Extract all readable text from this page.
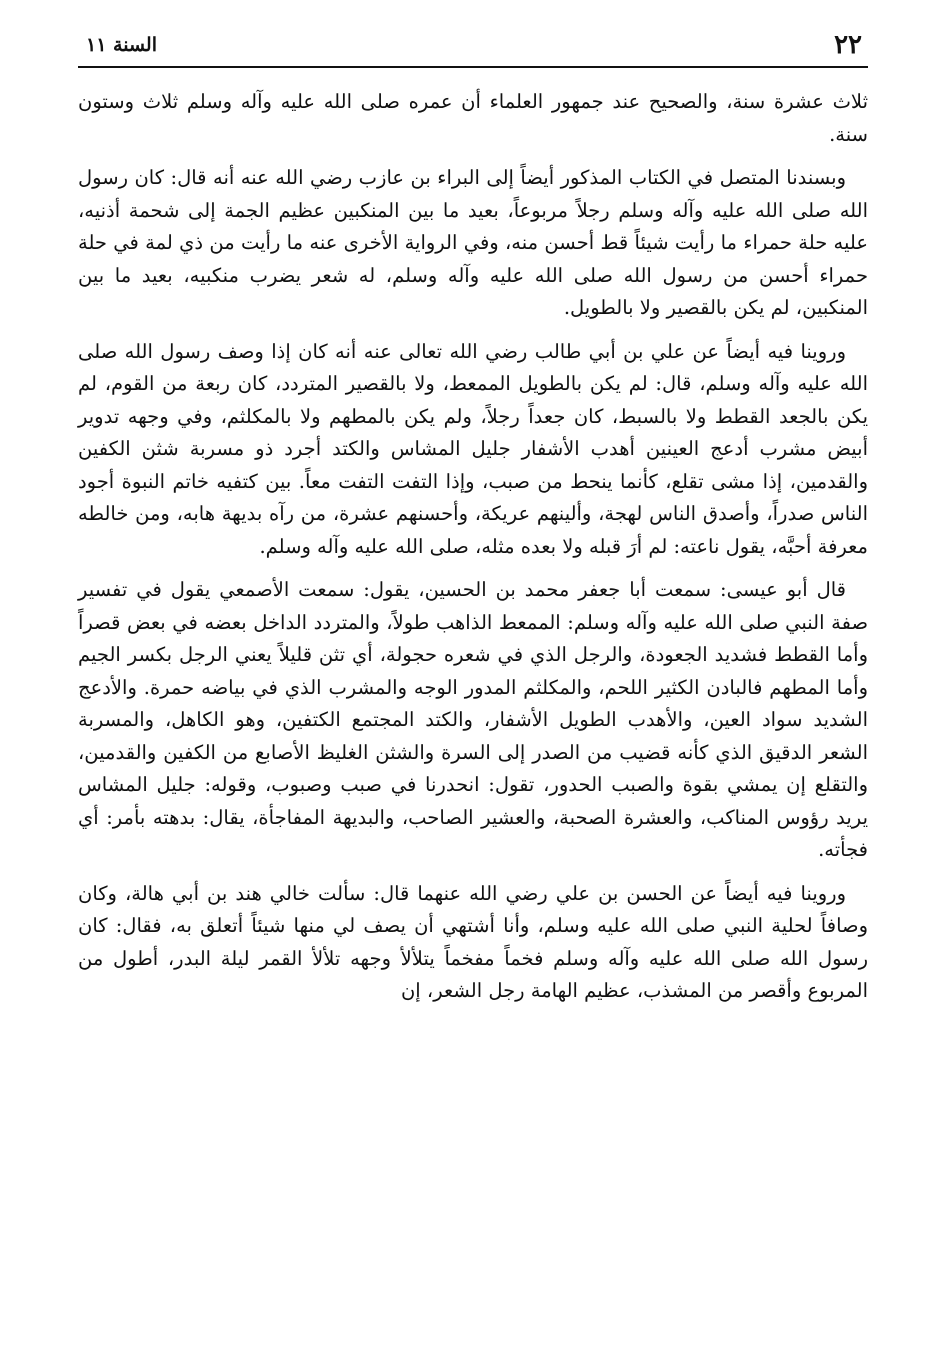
٢٢
السنة ١١

ثلاث عشرة سنة، والصحيح عند جمهور العلماء أن عمره صلى الله عليه وآله وسلم ثلاث وستون سنة.

وبسندنا المتصل في الكتاب المذكور أيضاً إلى البراء بن عازب رضي الله عنه أنه قال: كان رسول الله صلى الله عليه وآله وسلم رجلاً مربوعاً، بعيد ما بين المنكبين عظيم الجمة إلى شحمة أذنيه، عليه حلة حمراء ما رأيت شيئاً قط أحسن منه، وفي الرواية الأخرى عنه ما رأيت من ذي لمة في حلة حمراء أحسن من رسول الله صلى الله عليه وآله وسلم، له شعر يضرب منكبيه، بعيد ما بين المنكبين، لم يكن بالقصير ولا بالطويل.

وروينا فيه أيضاً عن علي بن أبي طالب رضي الله تعالى عنه أنه كان إذا وصف رسول الله صلى الله عليه وآله وسلم، قال: لم يكن بالطويل الممعط، ولا بالقصير المتردد، كان ربعة من القوم، لم يكن بالجعد القطط ولا بالسبط، كان جعداً رجلاً، ولم يكن بالمطهم ولا بالمكلثم، وفي وجهه تدوير أبيض مشرب أدعج العينين أهدب الأشفار جليل المشاس والكتد أجرد ذو مسربة شثن الكفين والقدمين، إذا مشى تقلع، كأنما ينحط من صبب، وإذا التفت التفت معاً. بين كتفيه خاتم النبوة أجود الناس صدراً، وأصدق الناس لهجة، وألينهم عريكة، وأحسنهم عشرة، من رآه بديهة هابه، ومن خالطه معرفة أحبَّه، يقول ناعته: لم أرَ قبله ولا بعده مثله، صلى الله عليه وآله وسلم.

قال أبو عيسى: سمعت أبا جعفر محمد بن الحسين، يقول: سمعت الأصمعي يقول في تفسير صفة النبي صلى الله عليه وآله وسلم: الممعط الذاهب طولاً، والمتردد الداخل بعضه في بعض قصراً وأما القطط فشديد الجعودة، والرجل الذي في شعره حجولة، أي تثن قليلاً يعني الرجل بكسر الجيم وأما المطهم فالبادن الكثير اللحم، والمكلثم المدور الوجه والمشرب الذي في بياضه حمرة. والأدعج الشديد سواد العين، والأهدب الطويل الأشفار، والكتد المجتمع الكتفين، وهو الكاهل، والمسربة الشعر الدقيق الذي كأنه قضيب من الصدر إلى السرة والشثن الغليظ الأصابع من الكفين والقدمين، والتقلع إن يمشي بقوة والصبب الحدور، تقول: انحدرنا في صبب وصبوب، وقوله: جليل المشاس يريد رؤوس المناكب، والعشرة الصحبة، والعشير الصاحب، والبديهة المفاجأة، يقال: بدهته بأمر: أي فجأته.

وروينا فيه أيضاً عن الحسن بن علي رضي الله عنهما قال: سألت خالي هند بن أبي هالة، وكان وصافاً لحلية النبي صلى الله عليه وسلم، وأنا أشتهي أن يصف لي منها شيئاً أتعلق به، فقال: كان رسول الله صلى الله عليه وآله وسلم فخماً مفخماً يتلألأ وجهه تلألأ القمر ليلة البدر، أطول من المربوع وأقصر من المشذب، عظيم الهامة رجل الشعر، إن
